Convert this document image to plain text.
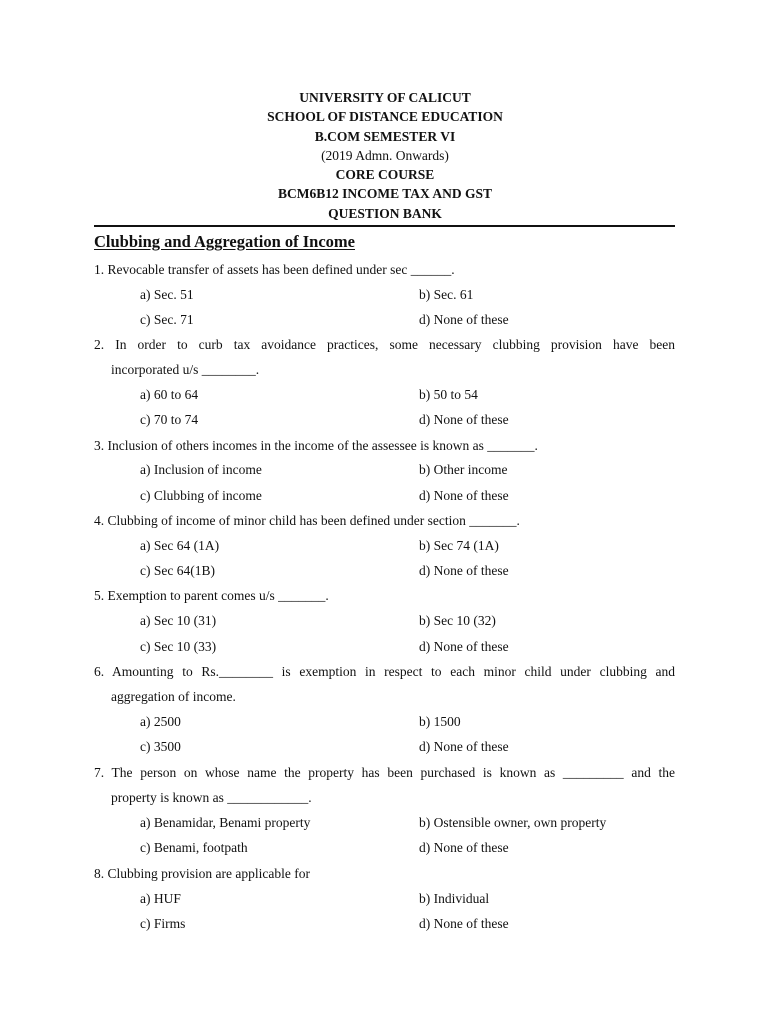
UNIVERSITY OF CALICUT
SCHOOL OF DISTANCE EDUCATION
B.COM SEMESTER VI
(2019 Admn. Onwards)
CORE COURSE
BCM6B12 INCOME TAX AND GST
QUESTION BANK
Clubbing and Aggregation of Income
1. Revocable transfer of assets has been defined under sec ______.
a) Sec. 51	b) Sec. 61
c) Sec. 71	d) None of these
2. In order to curb tax avoidance practices, some necessary clubbing provision have been
incorporated u/s ________.
a) 60 to 64	b) 50 to 54
c) 70 to 74	d) None of these
3. Inclusion of others incomes in the income of the assessee is known as _______.
a) Inclusion of income	b) Other income
c) Clubbing of income	d) None of these
4. Clubbing of income of minor child has been defined under section _______.
a) Sec 64 (1A)	b) Sec 74 (1A)
c) Sec 64(1B)	d) None of these
5. Exemption to parent comes u/s _______.
a) Sec 10 (31)	b) Sec 10 (32)
c) Sec 10 (33)	d) None of these
6. Amounting to Rs.________ is exemption in respect to each minor child under clubbing and
aggregation of income.
a) 2500	b) 1500
c) 3500	d) None of these
7. The person on whose name the property has been purchased is known as _________ and the
property is known as ____________.
a) Benamidar, Benami property	b) Ostensible owner, own property
c) Benami, footpath	d) None of these
8. Clubbing provision are applicable for
a) HUF	b) Individual
c) Firms	d) None of these
